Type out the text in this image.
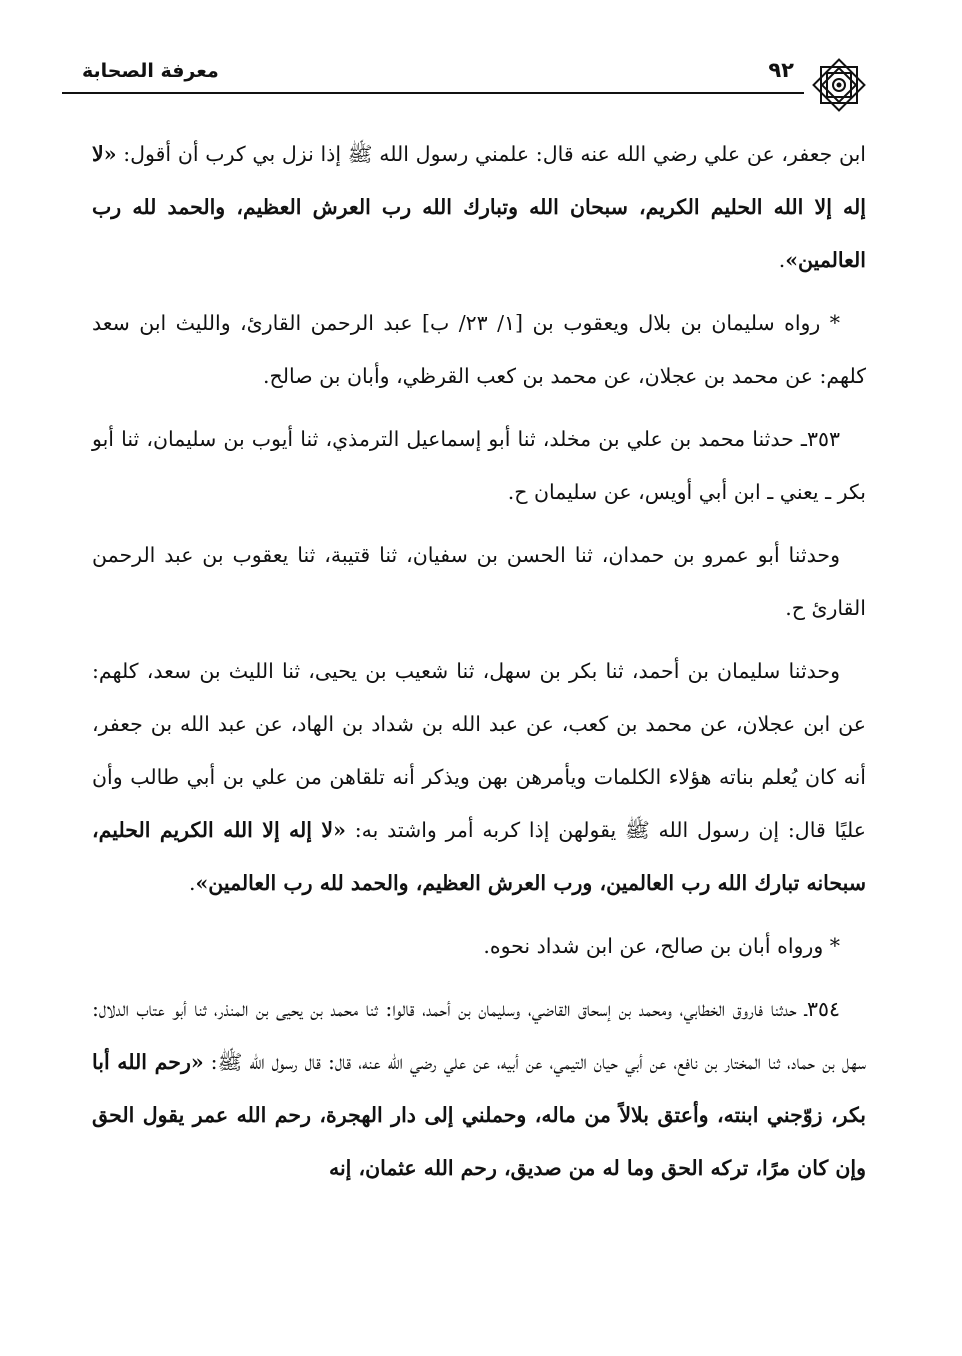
معرفة الصحابة	٩٢

ابن جعفر، عن علي رضي الله عنه قال: علمني رسول الله ﷺ إذا نزل بي كرب أن أقول: «لا إله إلا الله الحليم الكريم، سبحان الله وتبارك الله رب العرش العظيم، والحمد لله رب العالمين».

* رواه سليمان بن بلال ويعقوب بن [١/ ٢٣/ ب] عبد الرحمن القارئ، والليث ابن سعد كلهم: عن محمد بن عجلان، عن محمد بن كعب القرظي، وأبان بن صالح.

٣٥٣ـ حدثنا محمد بن علي بن مخلد، ثنا أبو إسماعيل الترمذي، ثنا أيوب بن سليمان، ثنا أبو بكر ـ يعني ـ ابن أبي أويس، عن سليمان ح.

وحدثنا أبو عمرو بن حمدان، ثنا الحسن بن سفيان، ثنا قتيبة، ثنا يعقوب بن عبد الرحمن القارئ ح.

وحدثنا سليمان بن أحمد، ثنا بكر بن سهل، ثنا شعيب بن يحيى، ثنا الليث بن سعد، كلهم: عن ابن عجلان، عن محمد بن كعب، عن عبد الله بن شداد بن الهاد، عن عبد الله بن جعفر، أنه كان يُعلم بناته هؤلاء الكلمات ويأمرهن بهن ويذكر أنه تلقاهن من علي بن أبي طالب وأن عليًا قال: إن رسول الله ﷺ يقولهن إذا كربه أمر واشتد به: «لا إله إلا الله الكريم الحليم، سبحانه تبارك الله رب العالمين، ورب العرش العظيم، والحمد لله رب العالمين».

* ورواه أبان بن صالح، عن ابن شداد نحوه.

٣٥٤ـ حدثنا فاروق الخطابي، ومحمد بن إسحاق القاضي، وسليمان بن أحمد، قالوا: ثنا محمد بن يحيى بن المنذر، ثنا أبو عتاب الدلال: سهل بن حماد، ثنا المختار بن نافع، عن أبي حيان التيمي، عن أبيه، عن علي رضي الله عنه، قال: قال رسول الله ﷺ: «رحم الله أبا بكر، زوّجني ابنته، وأعتق بلالاً من ماله، وحملني إلى دار الهجرة، رحم الله عمر يقول الحق وإن كان مرًا، تركه الحق وما له من صديق، رحم الله عثمان، إنه
